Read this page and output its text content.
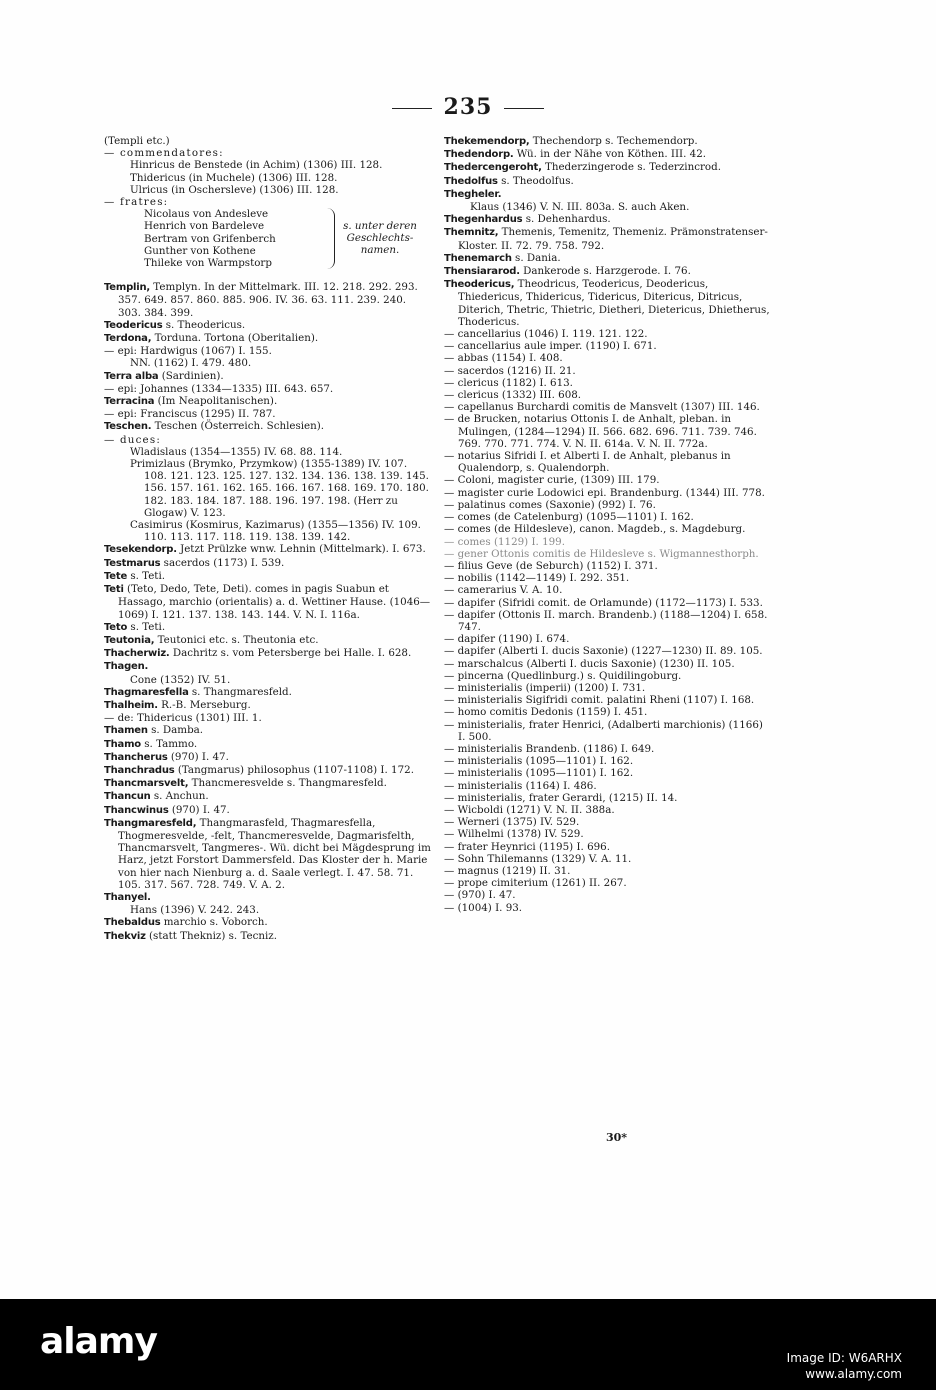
235
(Templi etc.)
— commendatores:
Hinricus de Benstede (in Achim) (1306) III. 128.
Thidericus (in Muchele) (1306) III. 128.
Ulricus (in Oschersleve) (1306) III. 128.
— fratres:
Nicolaus von Andesleve
Henrich von Bardeleve
Bertram von Grifenberch
Gunther von Kothene
Thileke von Warmpstorp
s. unter deren Geschlechts-namen.
Templin, Templyn. In der Mittelmark. III. 12. 218. 292. 293. 357. 649. 857. 860. 885. 906. IV. 36. 63. 111. 239. 240. 303. 384. 399.
Teodericus s. Theodericus.
Terdona, Torduna. Tortona (Oberitalien).
— epi: Hardwigus (1067) I. 155.
NN. (1162) I. 479. 480.
Terra alba (Sardinien).
— epi: Johannes (1334—1335) III. 643. 657.
Terracina (Im Neapolitanischen).
— epi: Franciscus (1295) II. 787.
Teschen. Teschen (Österreich. Schlesien).
— duces:
Wladislaus (1354—1355) IV. 68. 88. 114.
Primizlaus (Brymko, Przymkow) (1355-1389) IV. 107. 108. 121. 123. 125. 127. 132. 134. 136. 138. 139. 145. 156. 157. 161. 162. 165. 166. 167. 168. 169. 170. 180. 182. 183. 184. 187. 188. 196. 197. 198. (Herr zu Glogaw) V. 123.
Casimirus (Kosmirus, Kazimarus) (1355—1356) IV. 109. 110. 113. 117. 118. 119. 138. 139. 142.
Tesekendorp. Jetzt Prülzke wnw. Lehnin (Mittelmark). I. 673.
Testmarus sacerdos (1173) I. 539.
Tete s. Teti.
Teti (Teto, Dedo, Tete, Deti). comes in pagis Suabun et Hassago, marchio (orientalis) a. d. Wettiner Hause. (1046—1069) I. 121. 137. 138. 143. 144. V. N. I. 116a.
Teto s. Teti.
Teutonia, Teutonici etc. s. Theutonia etc.
Thacherwiz. Dachritz s. vom Petersberge bei Halle. I. 628.
Thagen.
Cone (1352) IV. 51.
Thagmaresfella s. Thangmaresfeld.
Thalheim. R.-B. Merseburg.
— de: Thidericus (1301) III. 1.
Thamen s. Damba.
Thamo s. Tammo.
Thancherus (970) I. 47.
Thanchradus (Tangmarus) philosophus (1107-1108) I. 172.
Thancmarsvelt, Thancmeresvelde s. Thangmaresfeld.
Thancun s. Anchun.
Thancwinus (970) I. 47.
Thangmaresfeld, Thangmarasfeld, Thagmaresfella, Thogmeresvelde, -felt, Thancmeresvelde, Dagmarisfelth, Thancmarsvelt, Tangmeres-. Wü. dicht bei Mägdesprung im Harz, jetzt Forstort Dammersfeld. Das Kloster der h. Marie von hier nach Nienburg a. d. Saale verlegt. I. 47. 58. 71. 105. 317. 567. 728. 749. V. A. 2.
Thanyel.
Hans (1396) V. 242. 243.
Thebaldus marchio s. Voborch.
Thekviz (statt Thekniz) s. Tecniz.
Thekemendorp, Thechendorp s. Techemendorp.
Thedendorp. Wü. in der Nähe von Köthen. III. 42.
Thedercengeroht, Thederzingerode s. Tederzincrod.
Thedolfus s. Theodolfus.
Thegheler.
Klaus (1346) V. N. III. 803a. S. auch Aken.
Thegenhardus s. Dehenhardus.
Themnitz, Themenis, Temenitz, Themeniz. Prämonstratenser-Kloster. II. 72. 79. 758. 792.
Thenemarch s. Dania.
Thensiararod. Dankerode s. Harzgerode. I. 76.
Theodericus, Theodricus, Teodericus, Deodericus, Thiedericus, Thidericus, Tidericus, Ditericus, Ditricus, Diterich, Thetric, Thietric, Dietheri, Dietericus, Dhietherus, Thodericus.
— cancellarius (1046) I. 119. 121. 122.
— cancellarius aule imper. (1190) I. 671.
— abbas (1154) I. 408.
— sacerdos (1216) II. 21.
— clericus (1182) I. 613.
— clericus (1332) III. 608.
— capellanus Burchardi comitis de Mansvelt (1307) III. 146.
— de Brucken, notarius Ottonis I. de Anhalt, pleban. in Mulingen, (1284—1294) II. 566. 682. 696. 711. 739. 746. 769. 770. 771. 774. V. N. II. 614a. V. N. II. 772a.
— notarius Sifridi I. et Alberti I. de Anhalt, plebanus in Qualendorp, s. Qualendorph.
— Coloni, magister curie, (1309) III. 179.
— magister curie Lodowici epi. Brandenburg. (1344) III. 778.
— palatinus comes (Saxonie) (992) I. 76.
— comes (de Catelenburg) (1095—1101) I. 162.
— comes (de Hildesleve), canon. Magdeb., s. Magdeburg.
— comes (1129) I. 199.
— gener Ottonis comitis de Hildesleve s. Wigmannesthorph.
— filius Geve (de Seburch) (1152) I. 371.
— nobilis (1142—1149) I. 292. 351.
— camerarius V. A. 10.
— dapifer (Sifridi comit. de Orlamunde) (1172—1173) I. 533.
— dapifer (Ottonis II. march. Brandenb.) (1188—1204) I. 658. 747.
— dapifer (1190) I. 674.
— dapifer (Alberti I. ducis Saxonie) (1227—1230) II. 89. 105.
— marschalcus (Alberti I. ducis Saxonie) (1230) II. 105.
— pincerna (Quedlinburg.) s. Quidilingoburg.
— ministerialis (imperii) (1200) I. 731.
— ministerialis Sigifridi comit. palatini Rheni (1107) I. 168.
— homo comitis Dedonis (1159) I. 451.
— ministerialis, frater Henrici, (Adalberti marchionis) (1166) I. 500.
— ministerialis Brandenb. (1186) I. 649.
— ministerialis (1095—1101) I. 162.
— ministerialis (1095—1101) I. 162.
— ministerialis (1164) I. 486.
— ministerialis, frater Gerardi, (1215) II. 14.
— Wicboldi (1271) V. N. II. 388a.
— Werneri (1375) IV. 529.
— Wilhelmi (1378) IV. 529.
— frater Heynrici (1195) I. 696.
— Sohn Thilemanns (1329) V. A. 11.
— magnus (1219) II. 31.
— prope cimiterium (1261) II. 267.
— (970) I. 47.
— (1004) I. 93.
30*
alamy	Image ID: W6ARHX
www.alamy.com
